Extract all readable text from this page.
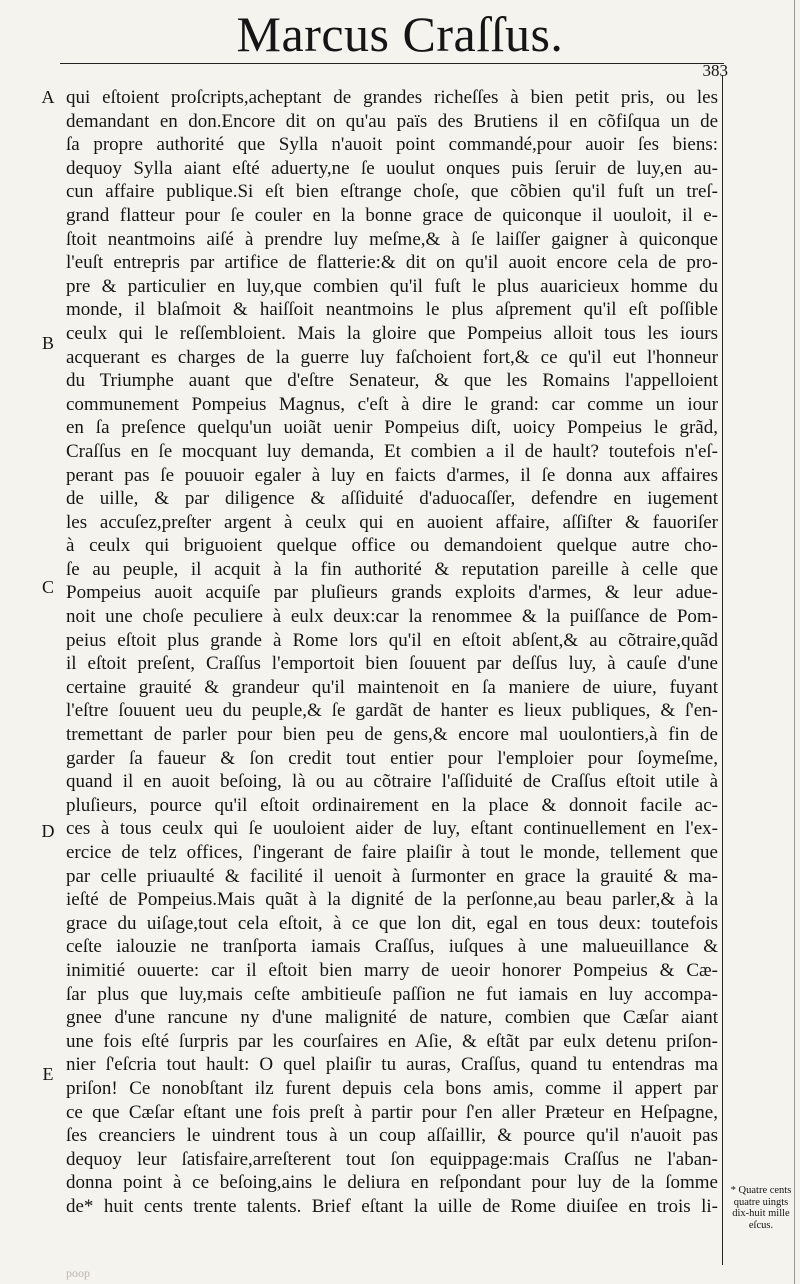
Marcus Craſſus.
383
A
B
C
D
E
qui eſtoient proſcripts,acheptant de grandes richeſſes à bien petit pris, ou les
demandant en don.Encore dit on qu'au païs des Brutiens il en cõfiſqua un de
ſa propre authorité que Sylla n'auoit point commandé,pour auoir ſes biens:
dequoy Sylla aiant eſté aduerty,ne ſe uoulut onques puis ſeruir de luy,en au-
cun affaire publique.Si eſt bien eſtrange choſe, que cõbien qu'il fuſt un treſ-
grand flatteur pour ſe couler en la bonne grace de quiconque il uouloit, il e-
ſtoit neantmoins aiſé à prendre luy meſme,& à ſe laiſſer gaigner à quiconque
l'euſt entrepris par artifice de flatterie:& dit on qu'il auoit encore cela de pro-
pre & particulier en luy,que combien qu'il fuſt le plus auaricieux homme du
monde, il blaſmoit & haiſſoit neantmoins le plus aſprement qu'il eſt poſſible
ceulx qui le reſſembloient. Mais la gloire que Pompeius alloit tous les iours
acquerant es charges de la guerre luy faſchoient fort,& ce qu'il eut l'honneur
du Triumphe auant que d'eſtre Senateur, & que les Romains l'appelloient
communement Pompeius Magnus, c'eſt à dire le grand: car comme un iour
en ſa preſence quelqu'un uoiãt uenir Pompeius diſt, uoicy Pompeius le grãd,
Craſſus en ſe mocquant luy demanda, Et combien a il de hault? toutefois n'eſ-
perant pas ſe pouuoir egaler à luy en faicts d'armes, il ſe donna aux affaires
de uille, & par diligence & aſſiduité d'aduocaſſer, defendre en iugement
les accuſez,preſter argent à ceulx qui en auoient affaire, aſſiſter & fauoriſer
à ceulx qui briguoient quelque office ou demandoient quelque autre cho-
ſe au peuple, il acquit à la fin authorité & reputation pareille à celle que
Pompeius auoit acquiſe par pluſieurs grands exploits d'armes, & leur adue-
noit une choſe peculiere à eulx deux:car la renommee & la puiſſance de Pom-
peius eſtoit plus grande à Rome lors qu'il en eſtoit abſent,& au cõtraire,quãd
il eſtoit preſent, Craſſus l'emportoit bien ſouuent par deſſus luy, à cauſe d'une
certaine grauité & grandeur qu'il maintenoit en ſa maniere de uiure, fuyant
l'eſtre ſouuent ueu du peuple,& ſe gardãt de hanter es lieux publiques, & ſ'en-
tremettant de parler pour bien peu de gens,& encore mal uoulontiers,à fin de
garder ſa faueur & ſon credit tout entier pour l'emploier pour ſoymeſme,
quand il en auoit beſoing, là ou au cõtraire l'aſſiduité de Craſſus eſtoit utile à
pluſieurs, pource qu'il eſtoit ordinairement en la place & donnoit facile ac-
ces à tous ceulx qui ſe uouloient aider de luy, eſtant continuellement en l'ex-
ercice de telz offices, ſ'ingerant de faire plaiſir à tout le monde, tellement que
par celle priuaulté & facilité il uenoit à ſurmonter en grace la grauité & ma-
ieſté de Pompeius.Mais quãt à la dignité de la perſonne,au beau parler,& à la
grace du uiſage,tout cela eſtoit, à ce que lon dit, egal en tous deux: toutefois
ceſte ialouzie ne tranſporta iamais Craſſus, iuſques à une malueuillance &
inimitié ouuerte: car il eſtoit bien marry de ueoir honorer Pompeius & Cæ-
ſar plus que luy,mais ceſte ambitieuſe paſſion ne fut iamais en luy accompa-
gnee d'une rancune ny d'une malignité de nature, combien que Cæſar aiant
une fois eſté ſurpris par les courſaires en Aſie, & eſtãt par eulx detenu priſon-
nier ſ'eſcria tout hault: O quel plaiſir tu auras, Craſſus, quand tu entendras ma
priſon! Ce nonobſtant ilz furent depuis cela bons amis, comme il appert par
ce que Cæſar eſtant une fois preſt à partir pour ſ'en aller Præteur en Heſpagne,
ſes creanciers le uindrent tous à un coup aſſaillir, & pource qu'il n'auoit pas
dequoy leur ſatisfaire,arreſterent tout ſon equippage:mais Craſſus ne l'aban-
donna point à ce beſoing,ains le deliura en reſpondant pour luy de la ſomme
de* huit cents trente talents. Brief eſtant la uille de Rome diuiſee en trois li-
* Quatre cents quatre uingts dix-huit mille eſcus.
poop
